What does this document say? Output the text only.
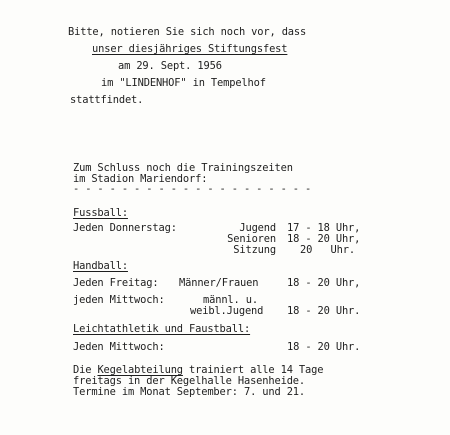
Bitte, notieren Sie sich noch vor, dass
unser diesjähriges Stiftungsfest
am 29. Sept. 1956
im "LINDENHOF" in Tempelhof
stattfindet.
Zum Schluss noch die Trainingszeiten
im Stadion Mariendorf:
- - - - - - - - - - - - - - - - - - - -
Fussball:
Jeden Donnerstag:	Jugend 17 - 18 Uhr,
Senioren 18 - 20 Uhr,
Sitzung 20   Uhr.
Handball:
Jeden Freitag: Männer/Frauen	18 - 20 Uhr,
jeden Mittwoch:	männl. u.
weibl.Jugend 18 - 20 Uhr.
Leichtathletik und Faustball:
Jeden Mittwoch:	18 - 20 Uhr.
Die Kegelabteilung trainiert alle 14 Tage
freitags in der Kegelhalle Hasenheide.
Termine im Monat September: 7. und 21.
